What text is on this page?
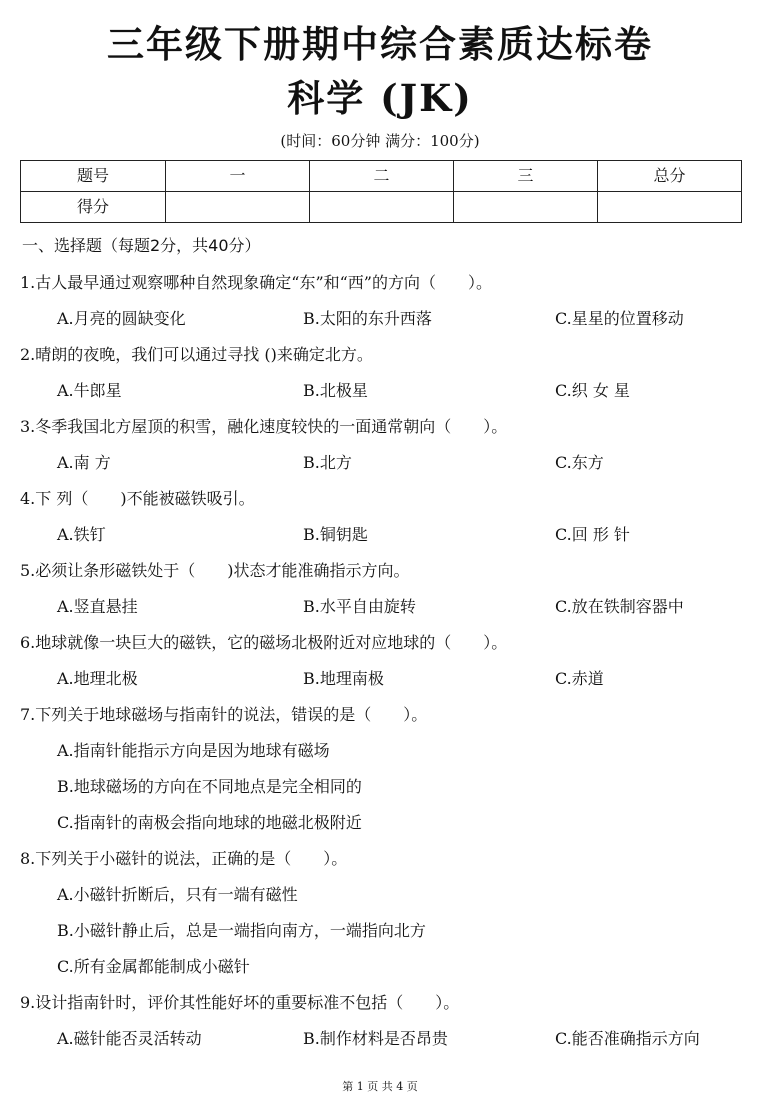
三年级下册期中综合素质达标卷
科学 (JK)
(时间：60分钟 满分：100分)
题号	一	二	三	总分
得分				
一、选择题（每题2分，共40分）
1.古人最早通过观察哪种自然现象确定“东”和“西”的方向（　　）。
A.月亮的圆缺变化	B.太阳的东升西落	C.星星的位置移动
2.晴朗的夜晚，我们可以通过寻找 ()来确定北方。
A.牛郎星	B.北极星	C.织 女 星
3.冬季我国北方屋顶的积雪，融化速度较快的一面通常朝向（　　）。
A.南 方	B.北方	C.东方
4.下 列（　　)不能被磁铁吸引。
A.铁钉	B.铜钥匙	C.回 形 针
5.必须让条形磁铁处于（　　)状态才能准确指示方向。
A.竖直悬挂	B.水平自由旋转	C.放在铁制容器中
6.地球就像一块巨大的磁铁，它的磁场北极附近对应地球的（　　）。
A.地理北极	B.地理南极	C.赤道
7.下列关于地球磁场与指南针的说法，错误的是（　　）。
A.指南针能指示方向是因为地球有磁场
B.地球磁场的方向在不同地点是完全相同的
C.指南针的南极会指向地球的地磁北极附近
8.下列关于小磁针的说法，正确的是（　　）。
A.小磁针折断后，只有一端有磁性
B.小磁针静止后，总是一端指向南方，一端指向北方
C.所有金属都能制成小磁针
9.设计指南针时，评价其性能好坏的重要标准不包括（　　）。
A.磁针能否灵活转动	B.制作材料是否昂贵	C.能否准确指示方向
第 1 页 共 4 页
